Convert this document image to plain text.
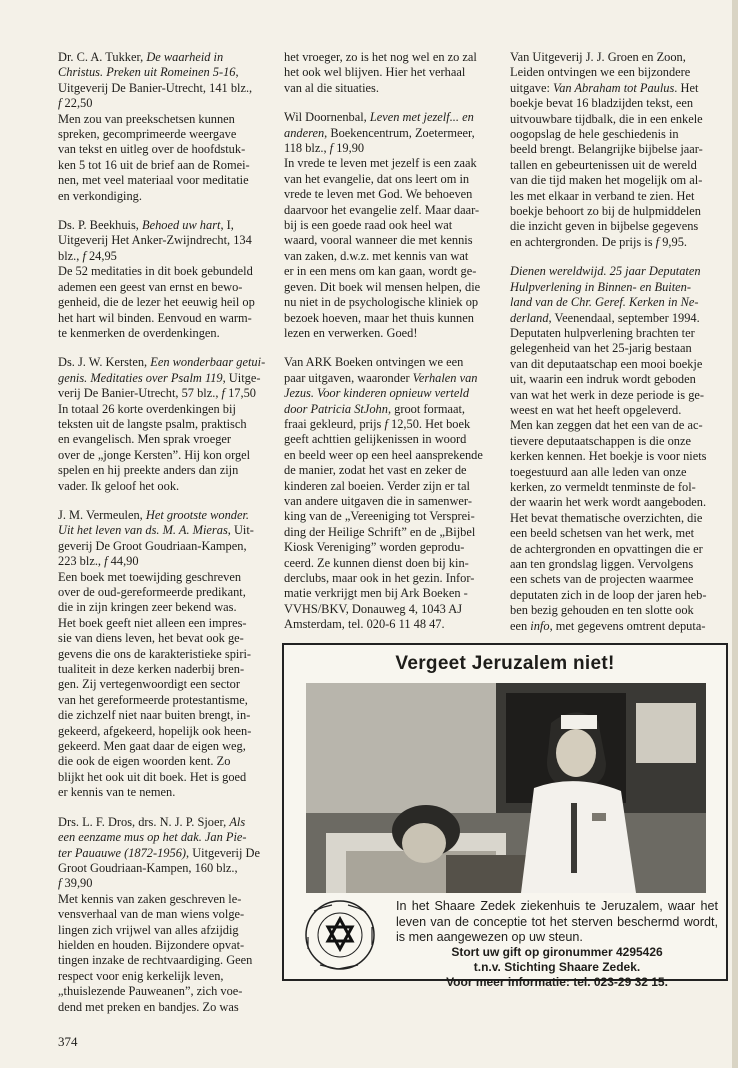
Dr. C. A. Tukker, De waarheid in
Christus. Preken uit Romeinen 5-16,
Uitgeverij De Banier-Utrecht, 141 blz.,
f 22,50
Men zou van preekschetsen kunnen
spreken, gecomprimeerde weergave
van tekst en uitleg over de hoofdstuk-
ken 5 tot 16 uit de brief aan de Romei-
nen, met veel materiaal voor meditatie
en verkondiging.

Ds. P. Beekhuis, Behoed uw hart, I,
Uitgeverij Het Anker-Zwijndrecht, 134
blz., f 24,95
De 52 meditaties in dit boek gebundeld
ademen een geest van ernst en bewo-
genheid, die de lezer het eeuwig heil op
het hart wil binden. Eenvoud en warm-
te kenmerken de overdenkingen.

Ds. J. W. Kersten, Een wonderbaar getui-
genis. Meditaties over Psalm 119, Uitge-
verij De Banier-Utrecht, 57 blz., f 17,50
In totaal 26 korte overdenkingen bij
teksten uit de langste psalm, praktisch
en evangelisch. Men sprak vroeger
over de „jonge Kersten”. Hij kon orgel
spelen en hij preekte anders dan zijn
vader. Ik geloof het ook.

J. M. Vermeulen, Het grootste wonder.
Uit het leven van ds. M. A. Mieras, Uit-
geverij De Groot Goudriaan-Kampen,
223 blz., f 44,90
Een boek met toewijding geschreven
over de oud-gereformeerde predikant,
die in zijn kringen zeer bekend was.
Het boek geeft niet alleen een impres-
sie van diens leven, het bevat ook ge-
gevens die ons de karakteristieke spiri-
tualiteit in deze kerken naderbij bren-
gen. Zij vertegenwoordigt een sector
van het gereformeerde protestantisme,
die zichzelf niet naar buiten brengt, in-
gekeerd, afgekeerd, hopelijk ook heen-
gekeerd. Men gaat daar de eigen weg,
die ook de eigen woorden kent. Zo
blijkt het ook uit dit boek. Het is goed
er kennis van te nemen.

Drs. L. F. Dros, drs. N. J. P. Sjoer, Als
een eenzame mus op het dak. Jan Pie-
ter Pauauwe (1872-1956), Uitgeverij De
Groot Goudriaan-Kampen, 160 blz.,
f 39,90
Met kennis van zaken geschreven le-
vensverhaal van de man wiens volge-
lingen zich vrijwel van alles afzijdig
hielden en houden. Bijzondere opvat-
tingen inzake de rechtvaardiging. Geen
respect voor enig kerkelijk leven,
„thuislezende Pauweanen”, zich voe-
dend met preken en bandjes. Zo was

het vroeger, zo is het nog wel en zo zal
het ook wel blijven. Hier het verhaal
van al die situaties.

Wil Doornenbal, Leven met jezelf... en
anderen, Boekencentrum, Zoetermeer,
118 blz., f 19,90
In vrede te leven met jezelf is een zaak
van het evangelie, dat ons leert om in
vrede te leven met God. We behoeven
daarvoor het evangelie zelf. Maar daar-
bij is een goede raad ook heel wat
waard, vooral wanneer die met kennis
van zaken, d.w.z. met kennis van wat
er in een mens om kan gaan, wordt ge-
geven. Dit boek wil mensen helpen, die
nu niet in de psychologische kliniek op
bezoek hoeven, maar het thuis kunnen
lezen en verwerken. Goed!

Van ARK Boeken ontvingen we een
paar uitgaven, waaronder Verhalen van
Jezus. Voor kinderen opnieuw verteld
door Patricia StJohn, groot formaat,
fraai gekleurd, prijs f 12,50. Het boek
geeft achttien gelijkenissen in woord
en beeld weer op een heel aansprekende
de manier, zodat het vast en zeker de
kinderen zal boeien. Verder zijn er tal
van andere uitgaven die in samenwer-
king van de „Vereeniging tot Versprei-
ding der Heilige Schrift” en de „Bijbel
Kiosk Vereniging” worden geprodu-
ceerd. Ze kunnen dienst doen bij kin-
derclubs, maar ook in het gezin. Infor-
matie verkrijgt men bij Ark Boeken -
VVHS/BKV, Donauweg 4, 1043 AJ
Amsterdam, tel. 020-6 11 48 47.

Van Uitgeverij J. J. Groen en Zoon,
Leiden ontvingen we een bijzondere
uitgave: Van Abraham tot Paulus. Het
boekje bevat 16 bladzijden tekst, een
uitvouwbare tijdbalk, die in een enkele
oogopslag de hele geschiedenis in
beeld brengt. Belangrijke bijbelse jaar-
tallen en gebeurtenissen uit de wereld
van die tijd maken het mogelijk om al-
les met elkaar in verband te zien. Het
boekje behoort zo bij de hulpmiddelen
die inzicht geven in bijbelse gegevens
en achtergronden. De prijs is f 9,95.

Dienen wereldwijd. 25 jaar Deputaten
Hulpverlening in Binnen- en Buiten-
land van de Chr. Geref. Kerken in Ne-
derland, Veenendaal, september 1994.
Deputaten hulpverlening brachten ter
gelegenheid van het 25-jarig bestaan
van dit deputaatschap een mooi boekje
uit, waarin een indruk wordt geboden
van wat het werk in deze periode is ge-
weest en wat het heeft opgeleverd.
Men kan zeggen dat het een van de ac-
tievere deputaatschappen is die onze
kerken kennen. Het boekje is voor niets
toegestuurd aan alle leden van onze
kerken, zo vermeldt tenminste de fol-
der waarin het werk wordt aangeboden.
Het bevat thematische overzichten, die
een beeld schetsen van het werk, met
de achtergronden en opvattingen die er
aan ten grondslag liggen. Vervolgens
een schets van de projecten waarmee
deputaten zich in de loop der jaren heb-
ben bezig gehouden en ten slotte ook
een info, met gegevens omtrent deputa-

Vergeet Jeruzalem niet!
In het Shaare Zedek ziekenhuis te Jeruzalem, waar het leven van de conceptie tot het sterven beschermd wordt, is men aangewezen op uw steun.
Stort uw gift op gironummer 4295426
t.n.v. Stichting Shaare Zedek.
Voor meer informatie: tel. 023-29 32 15.
374
